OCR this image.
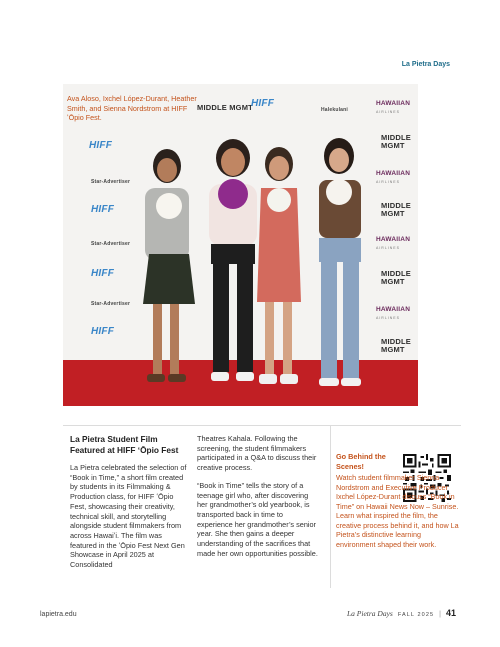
La Pietra Days
MIDDLE MGMT
HIFF
Halekulani
HAWAIIAN
AIRLINES
MIDDLE MGMT
HIFF
HAWAIIAN
AIRLINES
Star-Advertiser
MIDDLE MGMT
HIFF
HAWAIIAN
AIRLINES
Star-Advertiser
MIDDLE MGMT
HIFF
HAWAIIAN
AIRLINES
Star-Advertiser
HIFF
MIDDLE MGMT
Ava Aloso, Ixchel López-Durant, Heather Smith, and Sienna Nordstrom at HIFF ʻŌpio Fest.
La Pietra Student Film Featured at HIFF ʻŌpio Fest

La Pietra celebrated the selection of “Book in Time,” a short film created by students in its Filmmaking & Production class, for HIFF ʻŌpio Fest, showcasing their creativity, technical skill, and storytelling alongside student filmmakers from across Hawaiʻi. The film was featured in the ʻŌpio Fest Next Gen Showcase in April 2025 at Consolidated

Theatres Kahala. Following the screening, the student filmmakers participated in a Q&A to discuss their creative process.

“Book in Time” tells the story of a teenage girl who, after discovering her grandmother’s old yearbook, is transported back in time to experience her grandmother’s senior year. She then gains a deeper understanding of the sacrifices that made her own opportunities possible.

Go Behind the Scenes!
Watch student filmmaker Sienna Nordstrom and Executive Producer Ixchel López-Durant discuss “Book in Time” on Hawaii News Now – Sunrise. Learn what inspired the film, the creative process behind it, and how La Pietra’s distinctive learning environment shaped their work.
lapietra.edu	La Pietra Days FALL 2025 | 41
